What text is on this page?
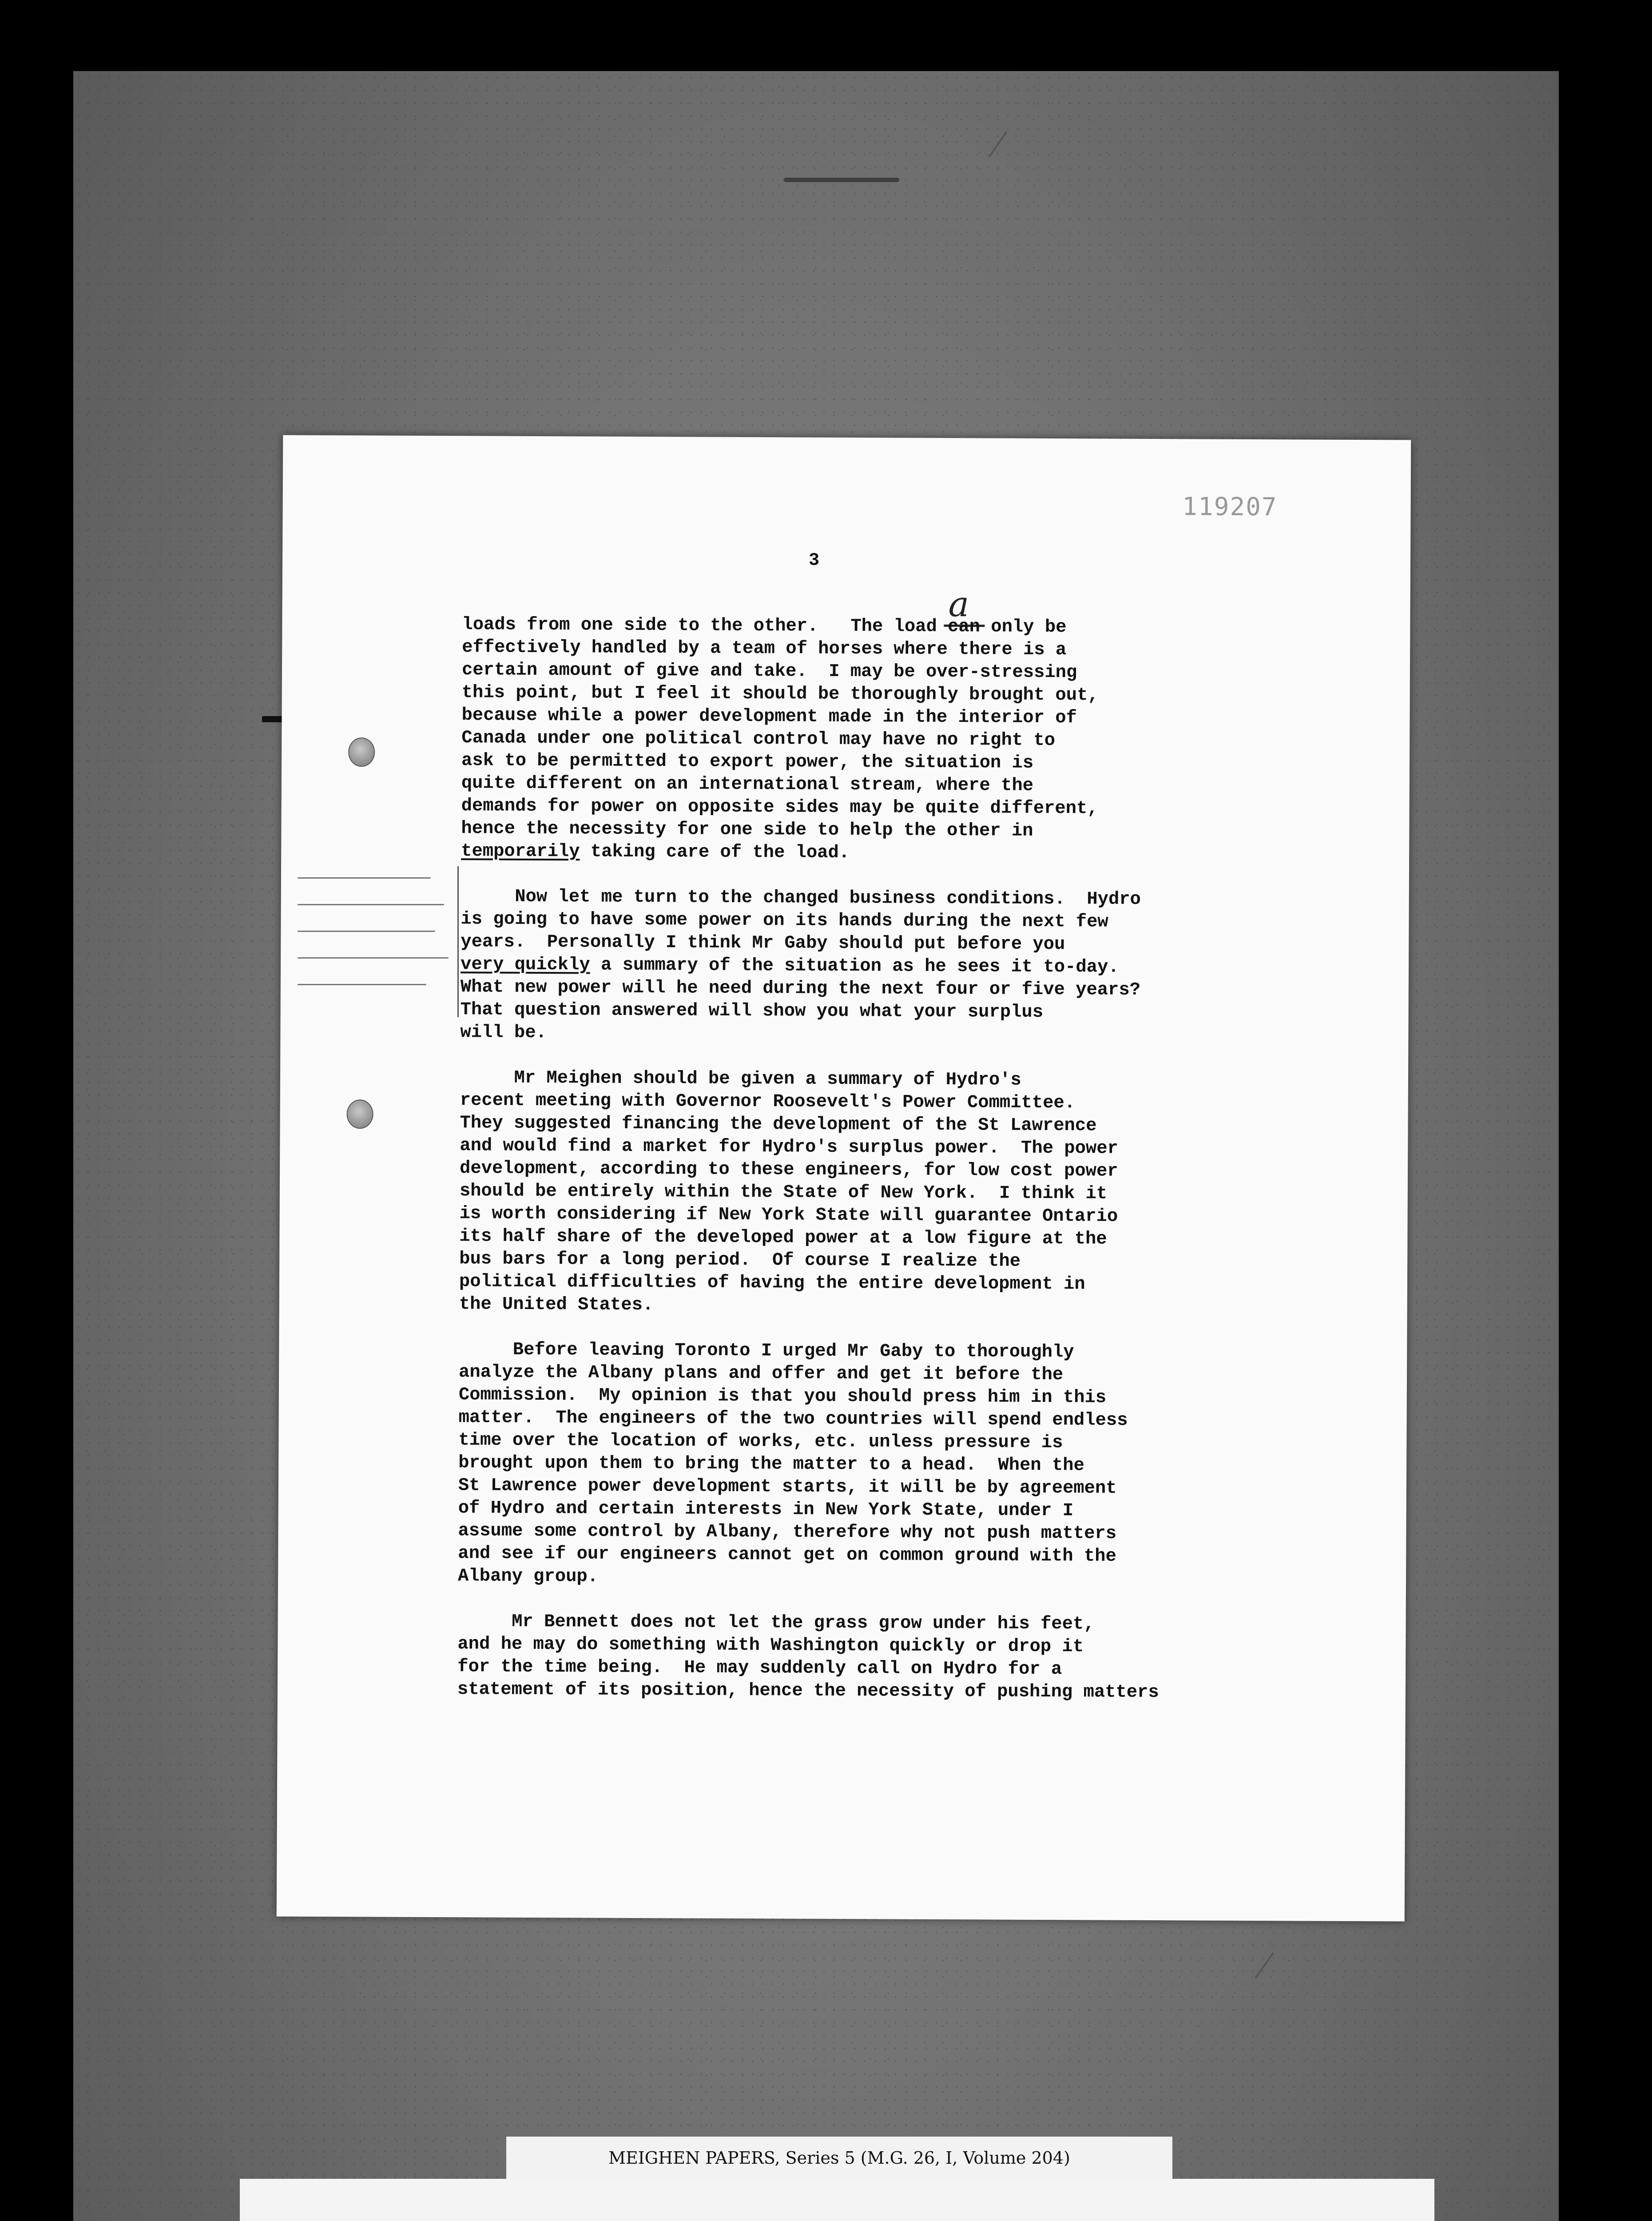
119207
3
a
loads from one side to the other.   The load can only be
effectively handled by a team of horses where there is a
certain amount of give and take.  I may be over-stressing
this point, but I feel it should be thoroughly brought out,
because while a power development made in the interior of
Canada under one political control may have no right to
ask to be permitted to export power, the situation is
quite different on an international stream, where the
demands for power on opposite sides may be quite different,
hence the necessity for one side to help the other in
temporarily taking care of the load.
Now let me turn to the changed business conditions.  Hydro
is going to have some power on its hands during the next few
years.  Personally I think Mr Gaby should put before you
very quickly a summary of the situation as he sees it to-day.
What new power will he need during the next four or five years?
That question answered will show you what your surplus
will be.
Mr Meighen should be given a summary of Hydro's
recent meeting with Governor Roosevelt's Power Committee.
They suggested financing the development of the St Lawrence
and would find a market for Hydro's surplus power.  The power
development, according to these engineers, for low cost power
should be entirely within the State of New York.  I think it
is worth considering if New York State will guarantee Ontario
its half share of the developed power at a low figure at the
bus bars for a long period.  Of course I realize the
political difficulties of having the entire development in
the United States.
Before leaving Toronto I urged Mr Gaby to thoroughly
analyze the Albany plans and offer and get it before the
Commission.  My opinion is that you should press him in this
matter.  The engineers of the two countries will spend endless
time over the location of works, etc. unless pressure is
brought upon them to bring the matter to a head.  When the
St Lawrence power development starts, it will be by agreement
of Hydro and certain interests in New York State, under I
assume some control by Albany, therefore why not push matters
and see if our engineers cannot get on common ground with the
Albany group.
Mr Bennett does not let the grass grow under his feet,
and he may do something with Washington quickly or drop it
for the time being.  He may suddenly call on Hydro for a
statement of its position, hence the necessity of pushing matters
MEIGHEN PAPERS, Series 5 (M.G. 26, I, Volume 204)
